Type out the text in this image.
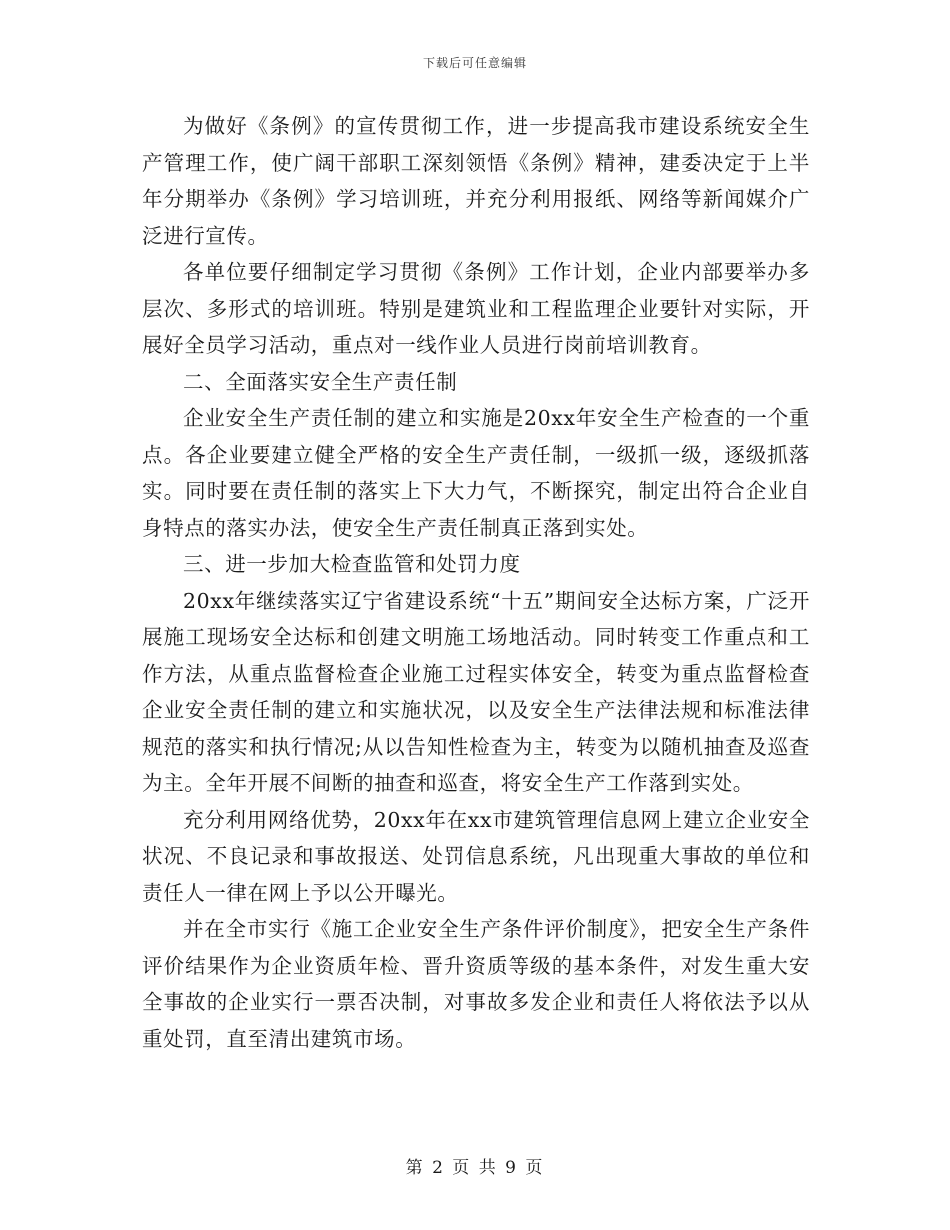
下载后可任意编辑

为做好《条例》的宣传贯彻工作，进一步提高我市建设系统安全生产管理工作，使广阔干部职工深刻领悟《条例》精神，建委决定于上半年分期举办《条例》学习培训班，并充分利用报纸、网络等新闻媒介广泛进行宣传。

各单位要仔细制定学习贯彻《条例》工作计划，企业内部要举办多层次、多形式的培训班。特别是建筑业和工程监理企业要针对实际，开展好全员学习活动，重点对一线作业人员进行岗前培训教育。

二、全面落实安全生产责任制

企业安全生产责任制的建立和实施是20xx年安全生产检查的一个重点。各企业要建立健全严格的安全生产责任制，一级抓一级，逐级抓落实。同时要在责任制的落实上下大力气，不断探究，制定出符合企业自身特点的落实办法，使安全生产责任制真正落到实处。

三、进一步加大检查监管和处罚力度

20xx年继续落实辽宁省建设系统“十五”期间安全达标方案，广泛开展施工现场安全达标和创建文明施工场地活动。同时转变工作重点和工作方法，从重点监督检查企业施工过程实体安全，转变为重点监督检查企业安全责任制的建立和实施状况，以及安全生产法律法规和标准法律规范的落实和执行情况;从以告知性检查为主，转变为以随机抽查及巡查为主。全年开展不间断的抽查和巡查，将安全生产工作落到实处。

充分利用网络优势，20xx年在xx市建筑管理信息网上建立企业安全状况、不良记录和事故报送、处罚信息系统，凡出现重大事故的单位和责任人一律在网上予以公开曝光。

并在全市实行《施工企业安全生产条件评价制度》，把安全生产条件评价结果作为企业资质年检、晋升资质等级的基本条件，对发生重大安全事故的企业实行一票否决制，对事故多发企业和责任人将依法予以从重处罚，直至清出建筑市场。

第 2 页 共 9 页
